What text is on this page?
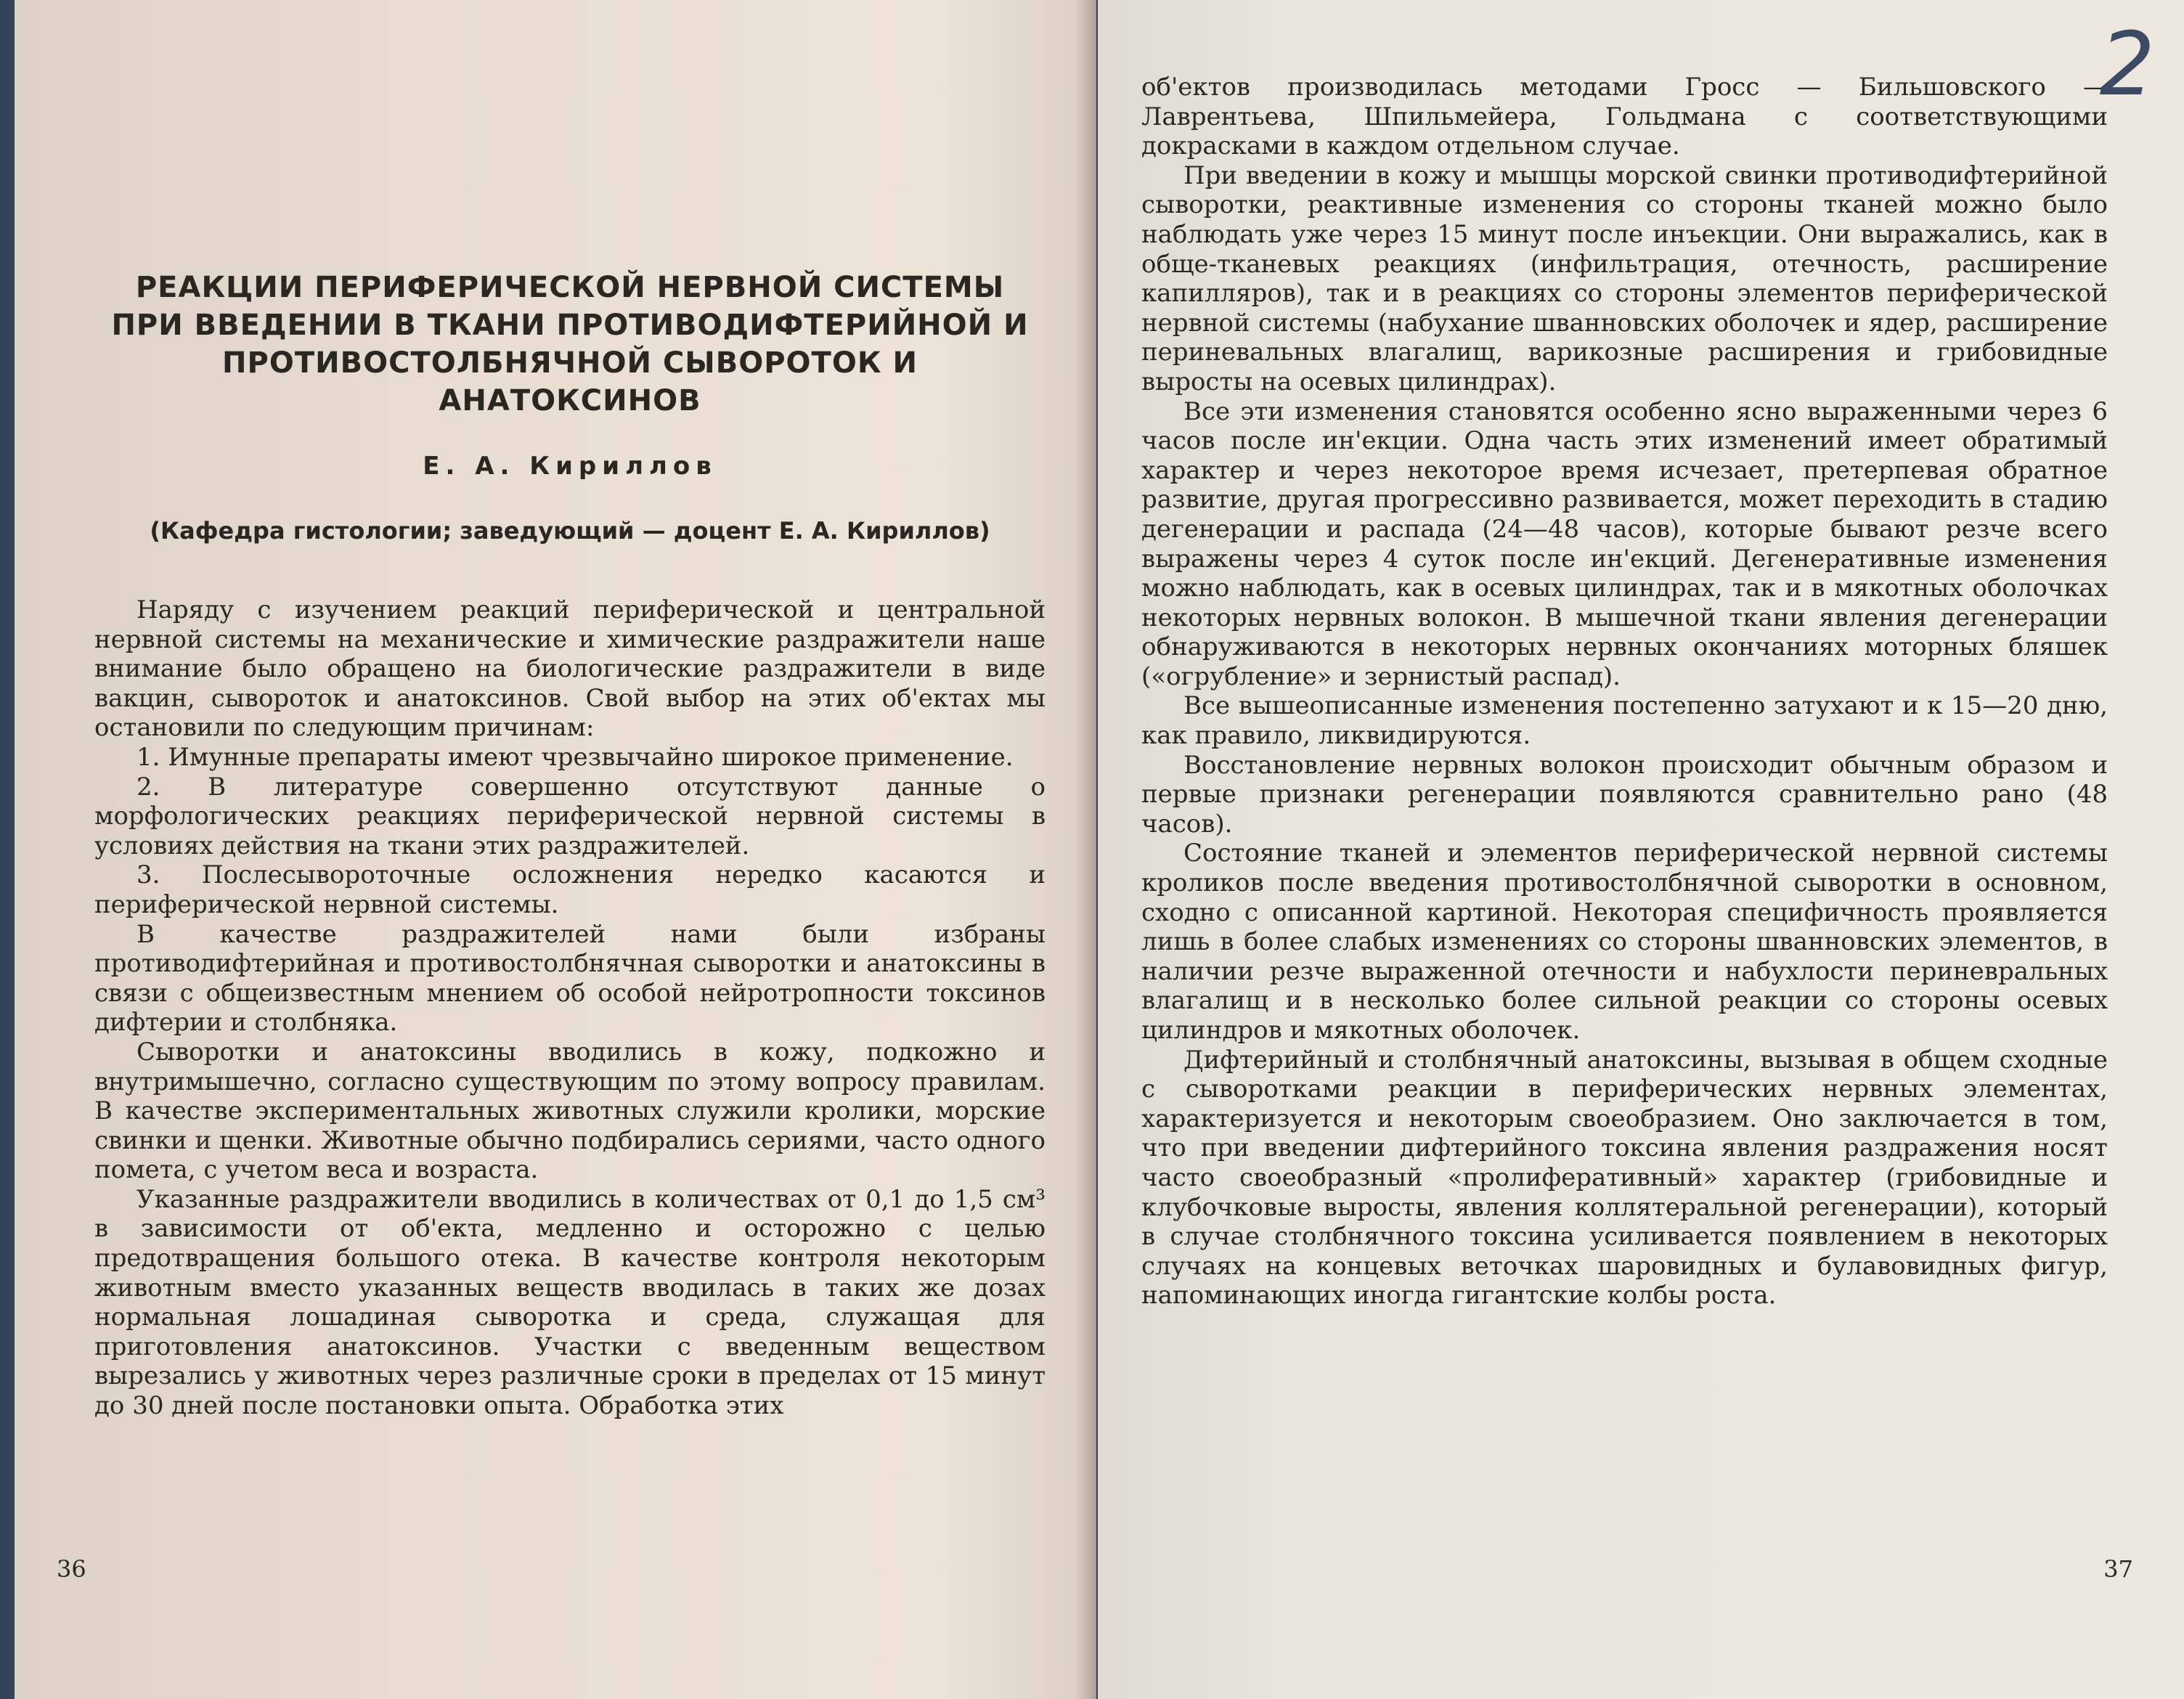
РЕАКЦИИ ПЕРИФЕРИЧЕСКОЙ НЕРВНОЙ СИСТЕМЫ ПРИ ВВЕДЕНИИ В ТКАНИ ПРОТИВОДИФТЕРИЙНОЙ И ПРОТИВОСТОЛБНЯЧНОЙ СЫВОРОТОК И АНАТОКСИНОВ
Е. А. Кириллов
(Кафедра гистологии; заведующий — доцент Е. А. Кириллов)

Наряду с изучением реакций периферической и центральной нервной системы на механические и химические раздражители наше внимание было обращено на биологические раздражители в виде вакцин, сывороток и анатоксинов. Свой выбор на этих об'ектах мы остановили по следующим причинам:

1. Имунные препараты имеют чрезвычайно широкое применение.

2. В литературе совершенно отсутствуют данные о морфологических реакциях периферической нервной системы в условиях действия на ткани этих раздражителей.

3. Послесывороточные осложнения нередко касаются и периферической нервной системы.

В качестве раздражителей нами были избраны противодифтерийная и противостолбнячная сыворотки и анатоксины в связи с общеизвестным мнением об особой нейротропности токсинов дифтерии и столбняка.

Сыворотки и анатоксины вводились в кожу, подкожно и внутримышечно, согласно существующим по этому вопросу правилам. В качестве экспериментальных животных служили кролики, морские свинки и щенки. Животные обычно подбирались сериями, часто одного помета, с учетом веса и возраста.

Указанные раздражители вводились в количествах от 0,1 до 1,5 см³ в зависимости от об'екта, медленно и осторожно с целью предотвращения большого отека. В качестве контроля некоторым животным вместо указанных веществ вводилась в таких же дозах нормальная лошадиная сыворотка и среда, служащая для приготовления анатоксинов. Участки с введенным веществом вырезались у животных через различные сроки в пределах от 15 минут до 30 дней после постановки опыта. Обработка этих

36
2

об'ектов производилась методами Гросс — Бильшовского — Лаврентьева, Шпильмейера, Гольдмана с соответствующими докрасками в каждом отдельном случае.

При введении в кожу и мышцы морской свинки противодифтерийной сыворотки, реактивные изменения со стороны тканей можно было наблюдать уже через 15 минут после инъекции. Они выражались, как в обще-тканевых реакциях (инфильтрация, отечность, расширение капилляров), так и в реакциях со стороны элементов периферической нервной системы (набухание шванновских оболочек и ядер, расширение периневальных влагалищ, варикозные расширения и грибовидные выросты на осевых цилиндрах).

Все эти изменения становятся особенно ясно выраженными через 6 часов после ин'екции. Одна часть этих изменений имеет обратимый характер и через некоторое время исчезает, претерпевая обратное развитие, другая прогрессивно развивается, может переходить в стадию дегенерации и распада (24—48 часов), которые бывают резче всего выражены через 4 суток после ин'екций. Дегенеративные изменения можно наблюдать, как в осевых цилиндрах, так и в мякотных оболочках некоторых нервных волокон. В мышечной ткани явления дегенерации обнаруживаются в некоторых нервных окончаниях моторных бляшек («огрубление» и зернистый распад).

Все вышеописанные изменения постепенно затухают и к 15—20 дню, как правило, ликвидируются.

Восстановление нервных волокон происходит обычным образом и первые признаки регенерации появляются сравнительно рано (48 часов).

Состояние тканей и элементов периферической нервной системы кроликов после введения противостолбнячной сыворотки в основном, сходно с описанной картиной. Некоторая специфичность проявляется лишь в более слабых изменениях со стороны шванновских элементов, в наличии резче выраженной отечности и набухлости периневральных влагалищ и в несколько более сильной реакции со стороны осевых цилиндров и мякотных оболочек.

Дифтерийный и столбнячный анатоксины, вызывая в общем сходные с сыворотками реакции в периферических нервных элементах, характеризуется и некоторым своеобразием. Оно заключается в том, что при введении дифтерийного токсина явления раздражения носят часто своеобразный «пролиферативный» характер (грибовидные и клубочковые выросты, явления коллятеральной регенерации), который в случае столбнячного токсина усиливается появлением в некоторых случаях на концевых веточках шаровидных и булавовидных фигур, напоминающих иногда гигантские колбы роста.

37
